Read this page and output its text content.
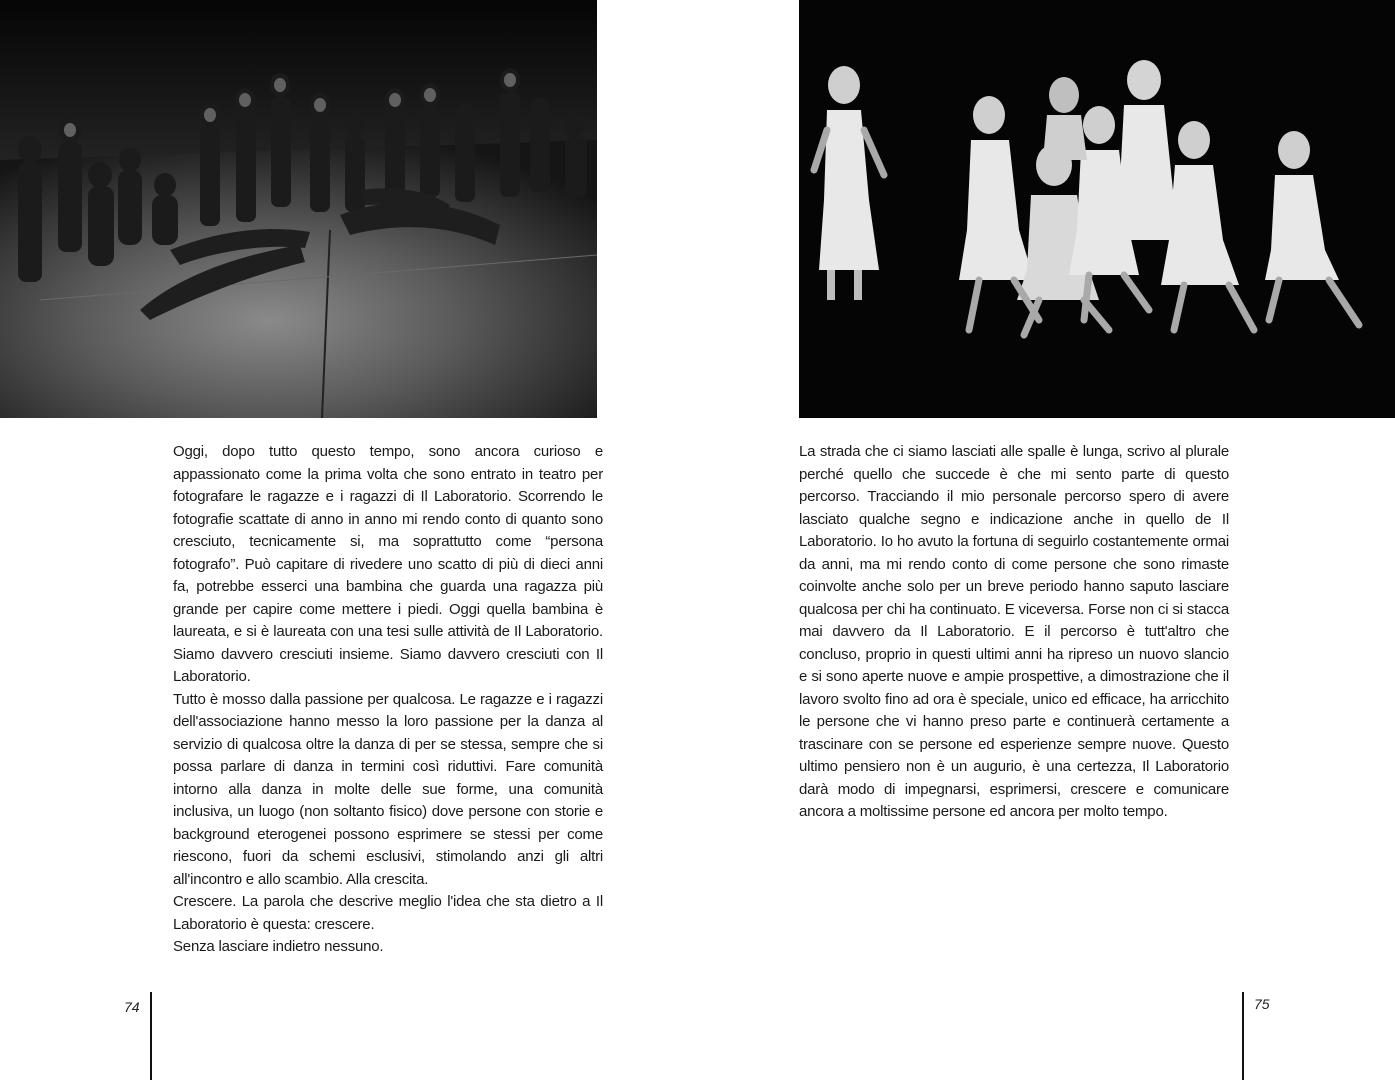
Oggi, dopo tutto questo tempo, sono ancora curioso e appassionato come la prima volta che sono entrato in teatro per fotografare le ragazze e i ragazzi di Il Laboratorio. Scorrendo le fotografie scattate di anno in anno mi rendo conto di quanto sono cresciuto, tecnicamente si, ma soprattutto come “persona fotografo”. Può capitare di rivedere uno scatto di più di dieci anni fa, potrebbe esserci una bambina che guarda una ragazza più grande per capire come mettere i piedi. Oggi quella bambina è laureata, e si è laureata con una tesi sulle attività de Il Laboratorio. Siamo davvero cresciuti insieme. Siamo davvero cresciuti con Il Laboratorio.

Tutto è mosso dalla passione per qualcosa. Le ragazze e i ragazzi dell'associazione hanno messo la loro passione per la danza al servizio di qualcosa oltre la danza di per se stessa, sempre che si possa parlare di danza in termini così riduttivi. Fare comunità intorno alla danza in molte delle sue forme, una comunità inclusiva, un luogo (non soltanto fisico) dove persone con storie e background eterogenei possono esprimere se stessi per come riescono, fuori da schemi esclusivi, stimolando anzi gli altri all'incontro e allo scambio. Alla crescita.

Crescere. La parola che descrive meglio l'idea che sta dietro a Il Laboratorio è questa: crescere.

Senza lasciare indietro nessuno.

74

La strada che ci siamo lasciati alle spalle è lunga, scrivo al plurale perché quello che succede è che mi sento parte di questo percorso. Tracciando il mio personale percorso spero di avere lasciato qualche segno e indicazione anche in quello de Il Laboratorio. Io ho avuto la fortuna di seguirlo costantemente ormai da anni, ma mi rendo conto di come persone che sono rimaste coinvolte anche solo per un breve periodo hanno saputo lasciare qualcosa per chi ha continuato. E viceversa. Forse non ci si stacca mai davvero da Il Laboratorio. E il percorso è tutt'altro che concluso, proprio in questi ultimi anni ha ripreso un nuovo slancio e si sono aperte nuove e ampie prospettive, a dimostrazione che il lavoro svolto fino ad ora è speciale, unico ed efficace, ha arricchito le persone che vi hanno preso parte e continuerà certamente a trascinare con se persone ed esperienze sempre nuove. Questo ultimo pensiero non è un augurio, è una certezza, Il Laboratorio darà modo di impegnarsi, esprimersi, crescere e comunicare ancora a moltissime persone ed ancora per molto tempo.

75
